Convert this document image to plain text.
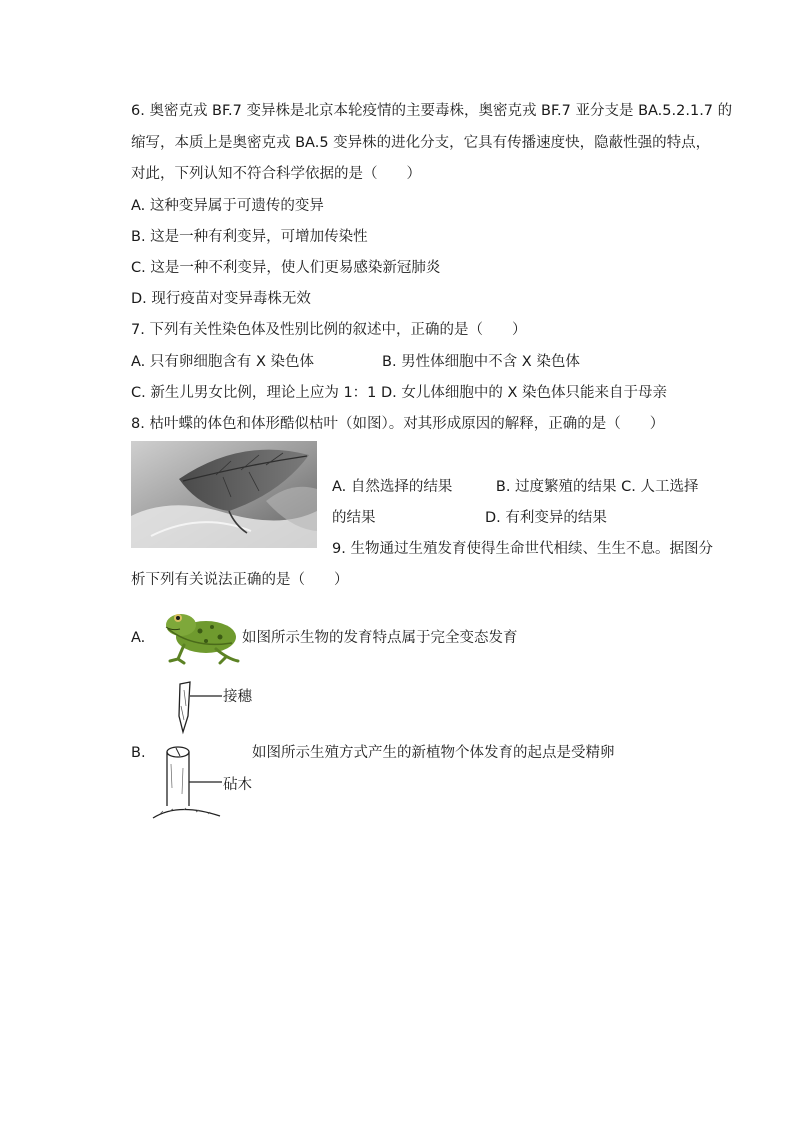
6. 奥密克戎 BF.7 变异株是北京本轮疫情的主要毒株，奥密克戎 BF.7 亚分支是 BA.5.2.1.7 的
缩写，本质上是奥密克戎 BA.5 变异株的进化分支，它具有传播速度快，隐蔽性强的特点，
对此，下列认知不符合科学依据的是（　　）
A. 这种变异属于可遗传的变异
B. 这是一种有利变异，可增加传染性
C. 这是一种不利变异，使人们更易感染新冠肺炎
D. 现行疫苗对变异毒株无效
7. 下列有关性染色体及性别比例的叙述中，正确的是（　　）
A. 只有卵细胞含有 X 染色体	B. 男性体细胞中不含 X 染色体
C. 新生儿男女比例，理论上应为 1：1 D. 女儿体细胞中的 X 染色体只能来自于母亲
8. 枯叶蝶的体色和体形酷似枯叶（如图）。对其形成原因的解释，正确的是（　　）
A. 自然选择的结果　　　B. 过度繁殖的结果 C. 人工选择
的结果	D. 有利变异的结果
9. 生物通过生殖发育使得生命世代相续、生生不息。据图分
析下列有关说法正确的是（　　）
A.	如图所示生物的发育特点属于完全变态发育
接穗
B.	如图所示生殖方式产生的新植物个体发育的起点是受精卵
砧木
